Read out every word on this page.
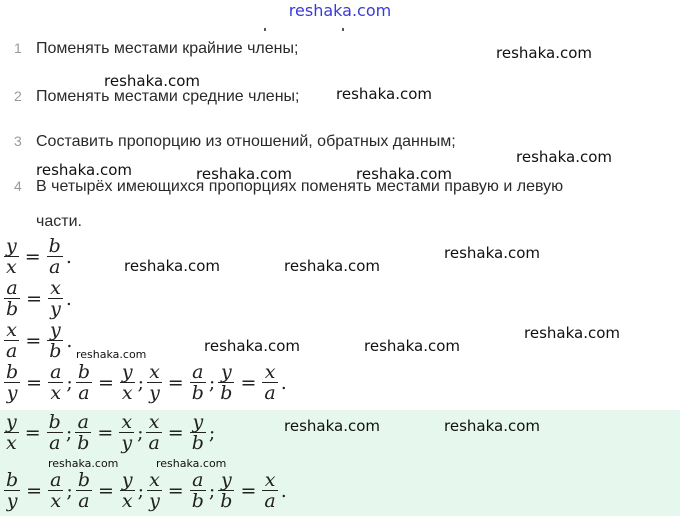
reshaka.com
1 Поменять местами крайние члены;
2 Поменять местами средние члены;
3 Составить пропорцию из отношений, обратных данным;
4 В четырёх имеющихся пропорциях поменять местами правую и левую
части.
$\frac{y}{x} = \frac{b}{a}$ .
$\frac{a}{b} = \frac{x}{y}$ .
$\frac{x}{a} = \frac{y}{b}$ .
$\frac{b}{y} = \frac{a}{x}$ ; $\frac{b}{a} = \frac{y}{x}$ ; $\frac{x}{y} = \frac{a}{b}$ ; $\frac{y}{b} = \frac{x}{a}$ .
$\frac{y}{x} = \frac{b}{a}$ ; $\frac{a}{b} = \frac{x}{y}$ ; $\frac{x}{a} = \frac{y}{b}$ ;
$\frac{b}{y} = \frac{a}{x}$ ; $\frac{b}{a} = \frac{y}{x}$ ; $\frac{x}{y} = \frac{a}{b}$ ; $\frac{y}{b} = \frac{x}{a}$ .
reshaka.com
reshaka.com
reshaka.com
reshaka.com
reshaka.com	reshaka.com	reshaka.com
reshaka.com
reshaka.com	reshaka.com
reshaka.com
reshaka.com	reshaka.com
reshaka.com
reshaka.com	reshaka.com
reshaka.com	reshaka.com
